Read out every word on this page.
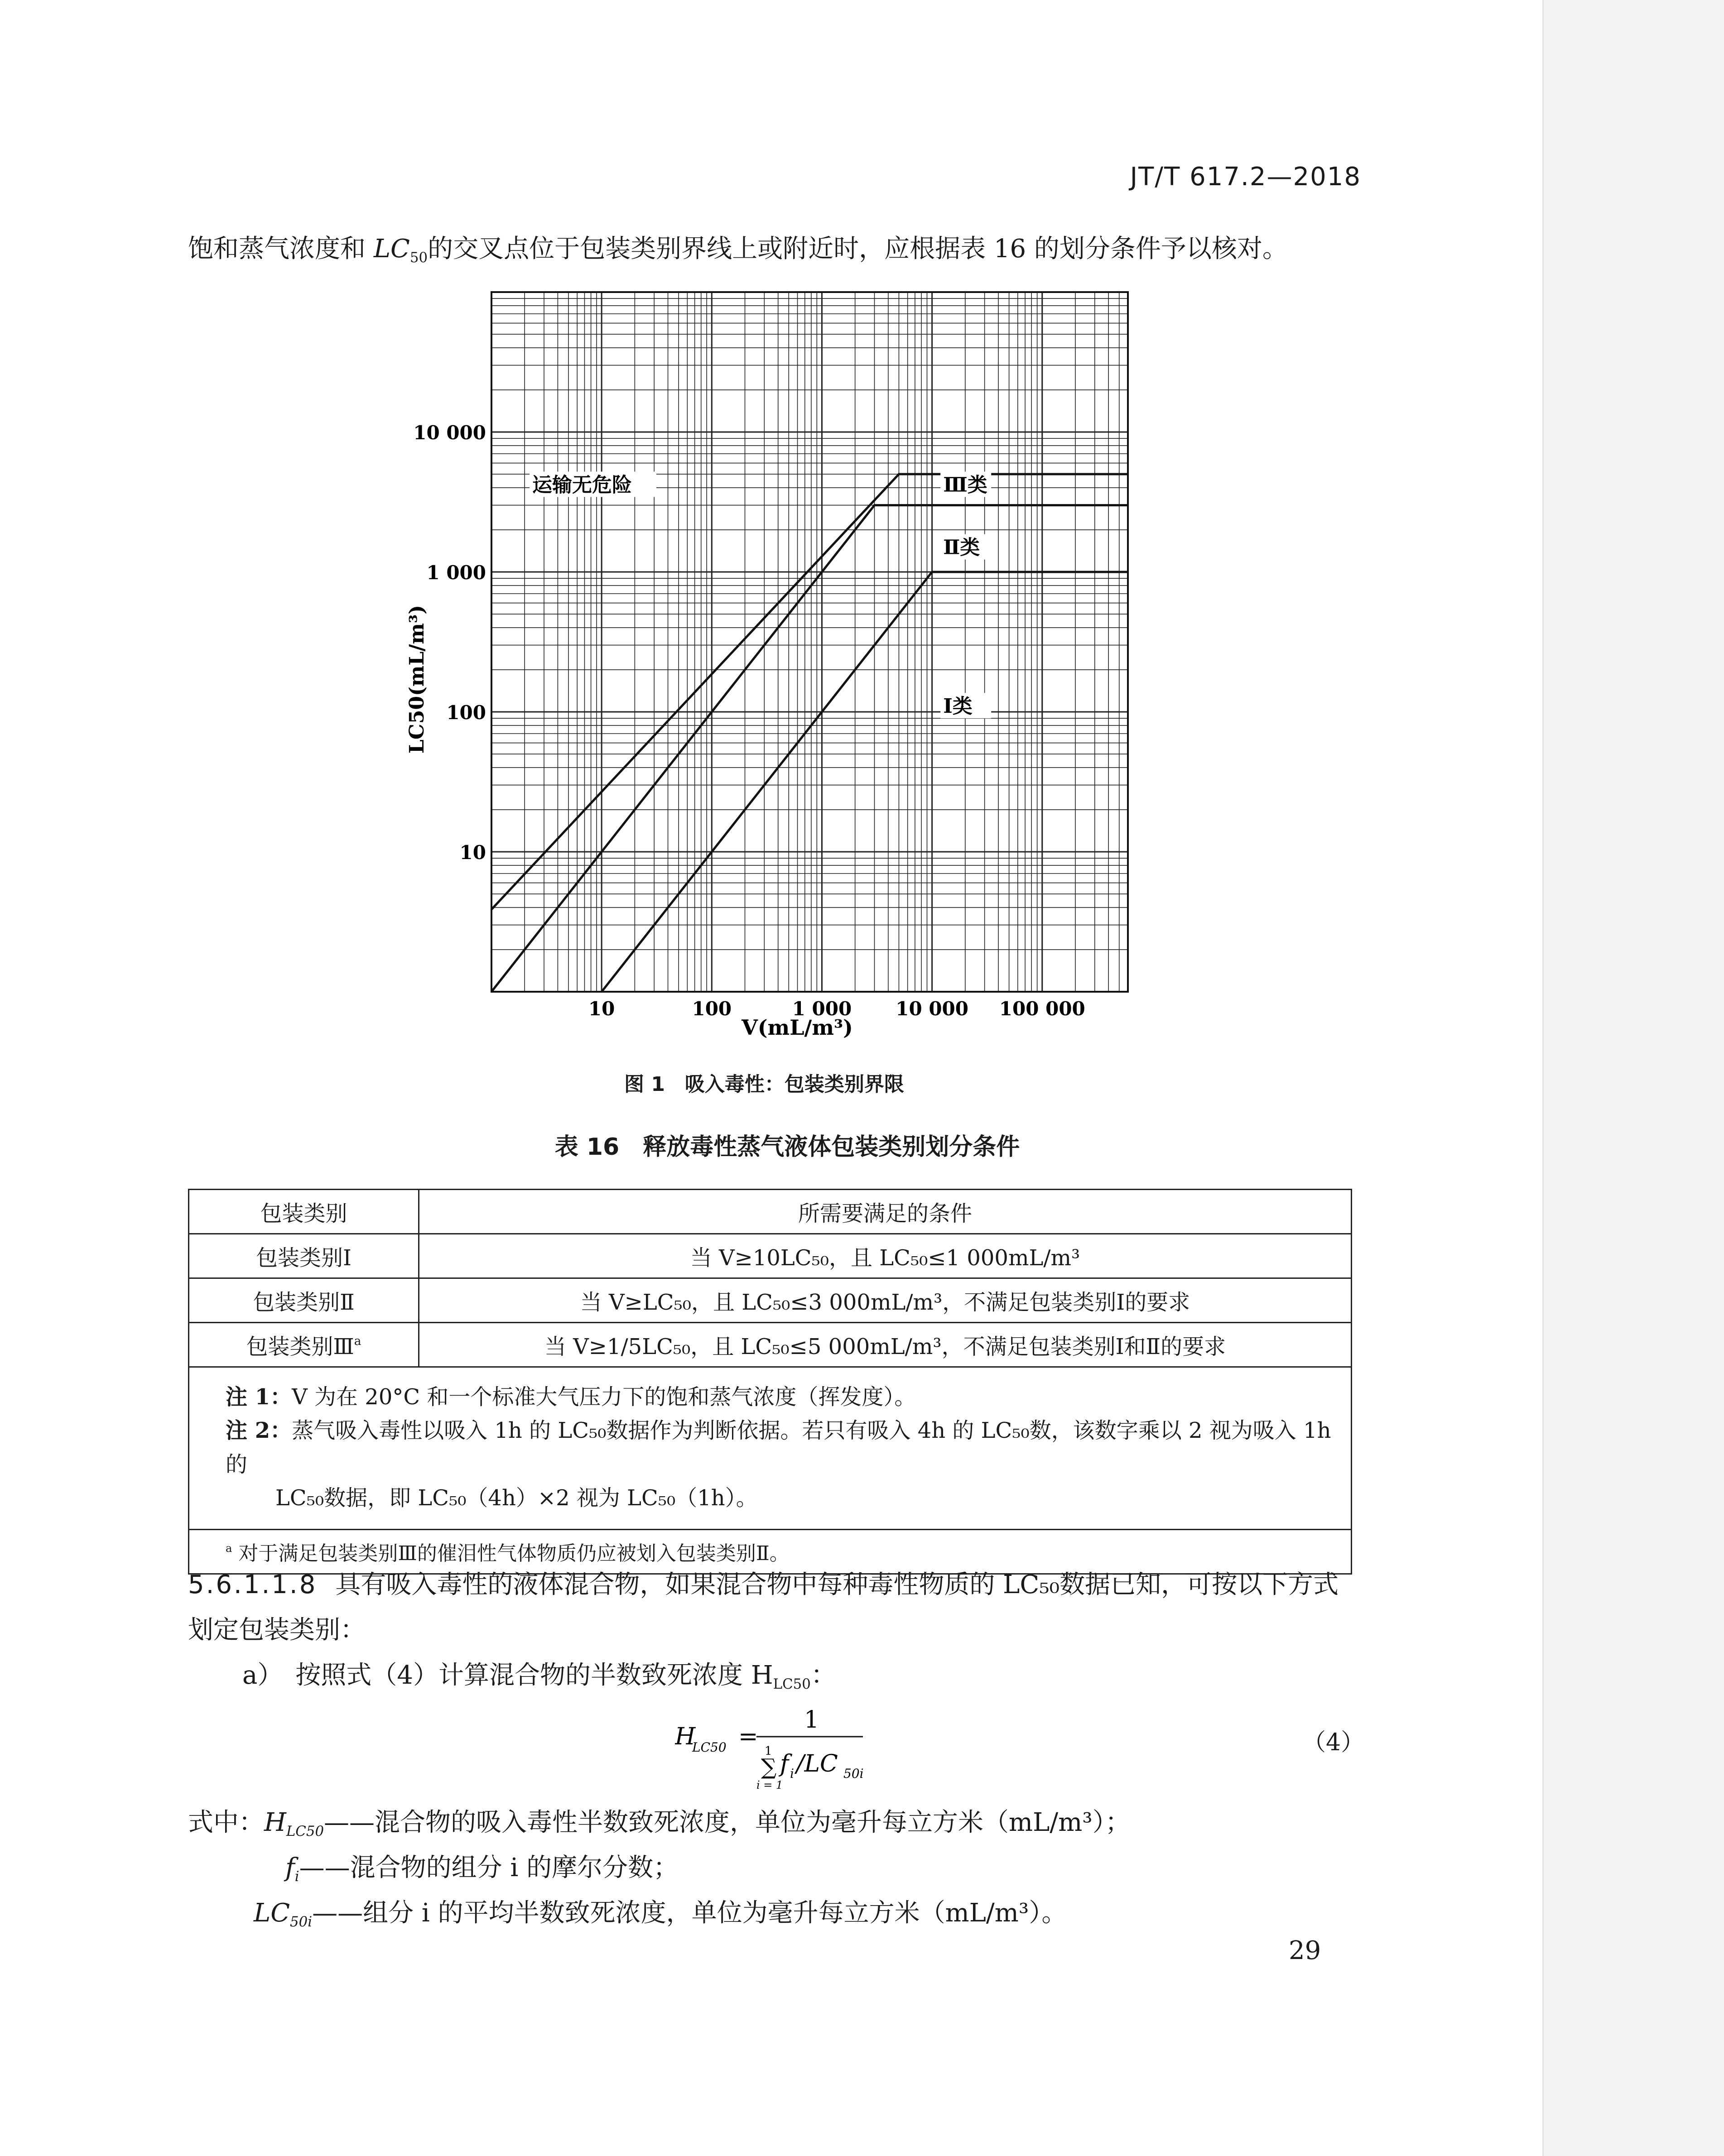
JT/T 617.2—2018
饱和蒸气浓度和 $LC_{50}$的交叉点位于包装类别界线上或附近时，应根据表 16 的划分条件予以核对。
运输无危险	Ⅲ类
Ⅱ类
Ⅰ类
10
100
1 000
10 000
10	100	1 000 10 000 100 000
V(mL/m³)
LC50(mL/m³)
图 1　吸入毒性：包装类别界限
表 16　释放毒性蒸气液体包装类别划分条件
包装类别	所需要满足的条件
包装类别Ⅰ	当 V≥10LC₅₀，且 LC₅₀≤1 000mL/m³
包装类别Ⅱ	当 V≥LC₅₀，且 LC₅₀≤3 000mL/m³，不满足包装类别Ⅰ的要求
包装类别Ⅲ$^a$	当 V≥1/5LC₅₀，且 LC₅₀≤5 000mL/m³，不满足包装类别Ⅰ和Ⅱ的要求

注 1：V 为在 20°C 和一个标准大气压力下的饱和蒸气浓度（挥发度）。
注 2：蒸气吸入毒性以吸入 1h 的 LC₅₀数据作为判断依据。若只有吸入 4h 的 LC₅₀数，该数字乘以 2 视为吸入 1h 的
LC₅₀数据，即 LC₅₀（4h）×2 视为 LC₅₀（1h）。	

$^a$ 对于满足包装类别Ⅲ的催泪性气体物质仍应被划入包装类别Ⅱ。	
5.6.1.1.8 具有吸入毒性的液体混合物，如果混合物中每种毒性物质的 LC₅₀数据已知，可按以下方式
划定包装类别：
a）　按照式（4）计算混合物的半数致死浓度 $H_{LC50}$：
H
LC50 =
1
1
∑
i = 1
f i /LC 50i
（4）
式中：$H_{LC50}——$混合物的吸入毒性半数致死浓度，单位为毫升每立方米（mL/m³）；
$f_i——$混合物的组分 i 的摩尔分数；
$LC_{50i}——$组分 i 的平均半数致死浓度，单位为毫升每立方米（mL/m³）。
29
